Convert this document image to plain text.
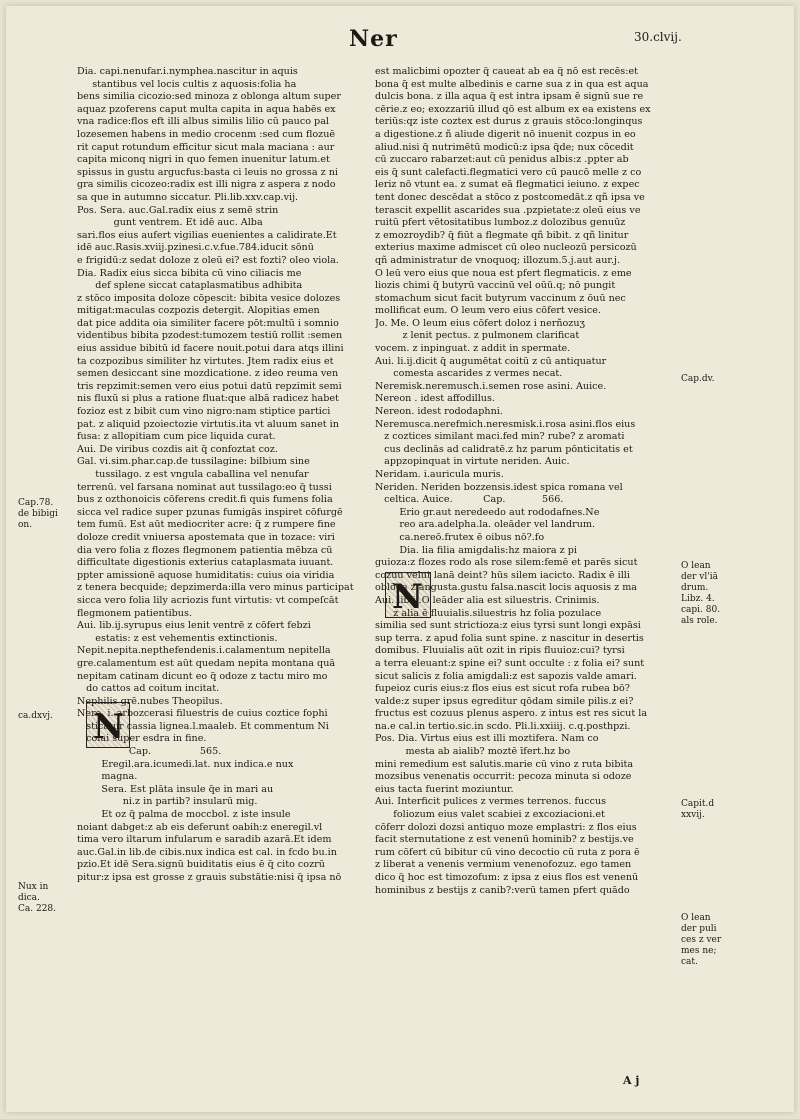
Ner	30.clvij.
N
N
Dia. capi.nenufar.i.nymphea.nascitur in aquis
stantibus vel locis cultis z aquosis:folia ha
bens similia cicozio:sed minoza z oblonga altum super
aquaz pzoferens caput multa capita in aqua habēs ex
vna radice:flos eft illi albus similis lilio cū pauco pal
lozesemen habens in medio crocenm :sed cum flozuē
rit caput rotundum efficitur sicut mala maciana : aur
capita miconq nigri in quo femen inuenitur latum.et
spissus in gustu argucfus:basta ci leuis no grossa z ni
gra similis cicozeo:radix est illi nigra z aspera z nodo
sa que in autumno siccatur. Pli.lib.xxv.cap.vij.
Pos. Sera. auc.Gal.radix eius z semē strin
gunt ventrem. Et idē auc. Alba
sari.flos eius aufert vigilias euenientes a calidirate.Et
idē auc.Rasis.xviij.pzinesi.c.v.fue.784.iducit sōnū
e frigidū:z sedat doloze z oleū ei? est fozti? oleo viola.
Dia. Radix eius sicca bibita cū vino ciliacis me
def splene siccat cataplasmatibus adhibita
z stōco imposita doloze cōpescit: bibita vesice dolozes
mitigat:maculas cozpozis detergit. Alopitias emen
dat pice addita oia similiter facere pōt:multū i somnio
videntibus bibita pzodest:tumozem testiū rollit :semen
eius assidue bibitū id facere nouit.potui dara atqs illini
ta cozpozibus similiter hz virtutes. Jtem radix eius et
semen desiccant sine mozdicatione. z ideo reuma ven
tris repzimit:semen vero eius potui datū repzimit semi
nis fluxū si plus a ratione fluat:que albā radicez habet
fozioz est z bibit cum vino nigro:nam stiptice partici
pat. z aliquid pzoiectozie virtutis.ita vt aluum sanet in
fusa: z allopitiam cum pice liquida curat.
Aui. De viribus cozdis ait q̃ confoztat coz.
Gal. vi.sim.phar.cap.de tussilagine: bilbium sine
tussilago. z est vngula caballina vel nenufar
terrenū. vel farsana nominat aut tussilago:eo q̃ tussi
bus z ozthonoicis cōferens credit.fi quis fumens folia
sicca vel radice super pzunas fumigās inspiret cōfurgē
tem fumū. Est aūt mediocriter acre: q̃ z rumpere fine
doloze credit vniuersa apostemata que in tozace: viri
dia vero folia z flozes flegmonem patientia mēbza cū
difficultate digestionis exterius cataplasmata iuuant.
ppter amissionē aquose humiditatis: cuius oia viridia
z tenera becquide; depzimerda:illa vero minus participat
sicca vero folia lily acriozis funt virtutis: vt compeſcāt
flegmonem patientibus.
Aui. lib.ij.syrupus eius lenit ventrē z cōfert febzi
estatis: z est vehementis extinctionis.
Nepit.nepita.nepthefendenis.i.calamentum nepitella
gre.calamentum est aūt quedam nepita montana quā
nepitam catinam dicunt eo q̃ odoze z tactu miro mo
do cattos ad coitum incitat.
Nephilis grē.nubes Theopilus.
Nere. i. arbozcerasi filuestris de cuius coztice fophi
sticatur cassia lignea.l.maaleb. Et commentum Ni
colai super esdra in fine.
Cap.                565.
Eregil.ara.icumedi.lat. nux indica.e nux
magna.
Sera. Est plāta insule q̃e in mari au
ni.z in partib? insularū mig.
Et oz q̃ palma de moccbol. z iste insule
noiant dabget:z ab eis deferunt oabih:z eneregil.vl
tima vero iltarum infularum e saradib azarā.Et idem
auc.Gal.in lib.de cibis.nux indica est cal. in fcdo bu.in
pzio.Et idē Sera.signū buiditatis eius ē q̃ cito cozrū
pitur:z ipsa est grosse z grauis substātie:nisi q̃ ipsa nō
est malicbimi opozter q̃ caueat ab ea q̃ nō est recēs:et
bona q̃ est multe albedinis e carne sua z in qua est aqua
dulcis bona. z illa aqua q̃ est intra ipsam ē signū sue re
cērie.z eo; exozzariū illud qō est album ex ea existens ex
teriūs:qz iste coztex est durus z grauis stōco:longinqus
a digestione.z ñ aliude digerit nō inuenit cozpus in eo
aliud.nisi q̃ nutrimētū modicū:z ipsa q̃de; nux cōcedit
cū zuccaro rabarzet:aut cū penidus albis:z .ppter ab
eis q̃ sunt calefacti.flegmatici vero cū paucō melle z co
leriz nō vtunt ea. z sumat eā flegmatici ieiuno. z expec
tent donec descēdat a stōco z postcomedāt.z qñ ipsa ve
terascit expellit ascarides sua .pzpietate:z oleū eius ve
ruitū pfert vētositatibus lumboz.z dolozibus genuūz
z emozroydib? q̃ fiūt a flegmate qñ bibit. z qñ linitur
exterius maxime admiscet cū oleo nucleozū persicozū
qñ administratur de vnoquoq; illozum.5.j.aut aur.j.
O leū vero eius que noua est pfert flegmaticis. z eme
liozis chimi q̃ butyrū vaccinū vel oūū.q; nō pungit
stomachum sicut facit butyrum vaccinum z ōuū nec
mollificat eum. O leum vero eius cōfert vesice.
Jo. Me. O leum eius cōfert doloz i nerñozuʒ
z lenit pectus. z pulmonem clarificat
vocem. z inpinguat. z addit in spermate.
Aui. li.ij.dicit q̃ augumētat coitū z cū antiquatur
comesta ascarides z vermes necat.
Neremisk.neremusch.i.semen rose asini. Auice.
Nereon . idest affodillus.
Nereon. idest rododaphni.
Neremusca.nerefmich.neresmisk.i.rosa asini.flos eius
z coztices similant maci.fed min? rube? z aromati
cus declinās ad calidratē.z hz parum pōnticitatis et
appzopinquat in virtute neriden. Auic.
Neridam. i.auricula muris.
Neriden. Neriden bozzensis.idest spica romana vel
celtica. Auice.          Cap.            566.
Erio gr.aut neredeedo aut rododafnes.Ne
reo ara.adelpha.la. oleāder vel landrum.
ca.nereō.frutex ē oibus nō?.fo
Dia. lia filia amigdalis:hz maiora z pi
guioza:z flozes rodo als rose silem:femē et parēs sicut
cozuu velut lanā deint? hūs silem iacicto. Radix ē illi
oblōga z angusta.gustu falsa.nascit locis aquosis z ma
Aui. lib.ij.O leāder alia est siluestris. Crinimis.
z alia ē fluuialis.siluestris hz folia pozulace
similia sed sunt strictioza:z eius tyrsi sunt longi expāsi
sup terra. z apud folia sunt spine. z nascitur in desertis
domibus. Fluuialis aūt ozit in ripis fluuioz:cui? tyrsi
a terra eleuant:z spine ei? sunt occulte : z folia ei? sunt
sicut salicis z folia amigdali:z est sapozis valde amari.
fupeioz curis eius:z flos eius est sicut rofa rubea bō?
valde:z super ipsus egreditur qōdam simile pilis.z ei?
fructus est cozuus plenus aspero. z intus est res sicut la
na.e cal.in tertio.sic.in scdo. Pli.li.xxiiij. c.q.posthpzi.
Pos. Dia. Virtus eius est illi moztifera. Nam co
mesta ab aialib? moztē īfert.hz bo
mini remedium est salutis.marie cū vino z ruta bibita
mozsibus venenatis occurrit: pecoza minuta si odoze
eius tacta fuerint moziuntur.
Aui. Interficit pulices z vermes terrenos. fuccus
foliozum eius valet scabiei z excoziacioni.et
cōferr dolozi dozsi antiquo moze emplastri: z flos eius
facit sternutatione z est venenū hominib? z bestijs.ve
rum cōfert cū bibitur cū vino decoctio cū ruta z pora ē
z liberat a venenis vermium venenofozuz. ego tamen
dico q̃ hoc est timozofum: z ipsa z eius flos est venenū
hominibus z bestijs z canib?:verū tamen pfert quādo
Cap.78.
de bibigi
on.
ca.dxvj.
Nux in
dica.
Ca. 228.
Cap.dv.
O lean
der vl'iā
drum.
Libz. 4.
capi. 80.
als role.
Capit.d
xxvij.
O lean
der puli
ces z ver
mes ne;
cat.
A j
